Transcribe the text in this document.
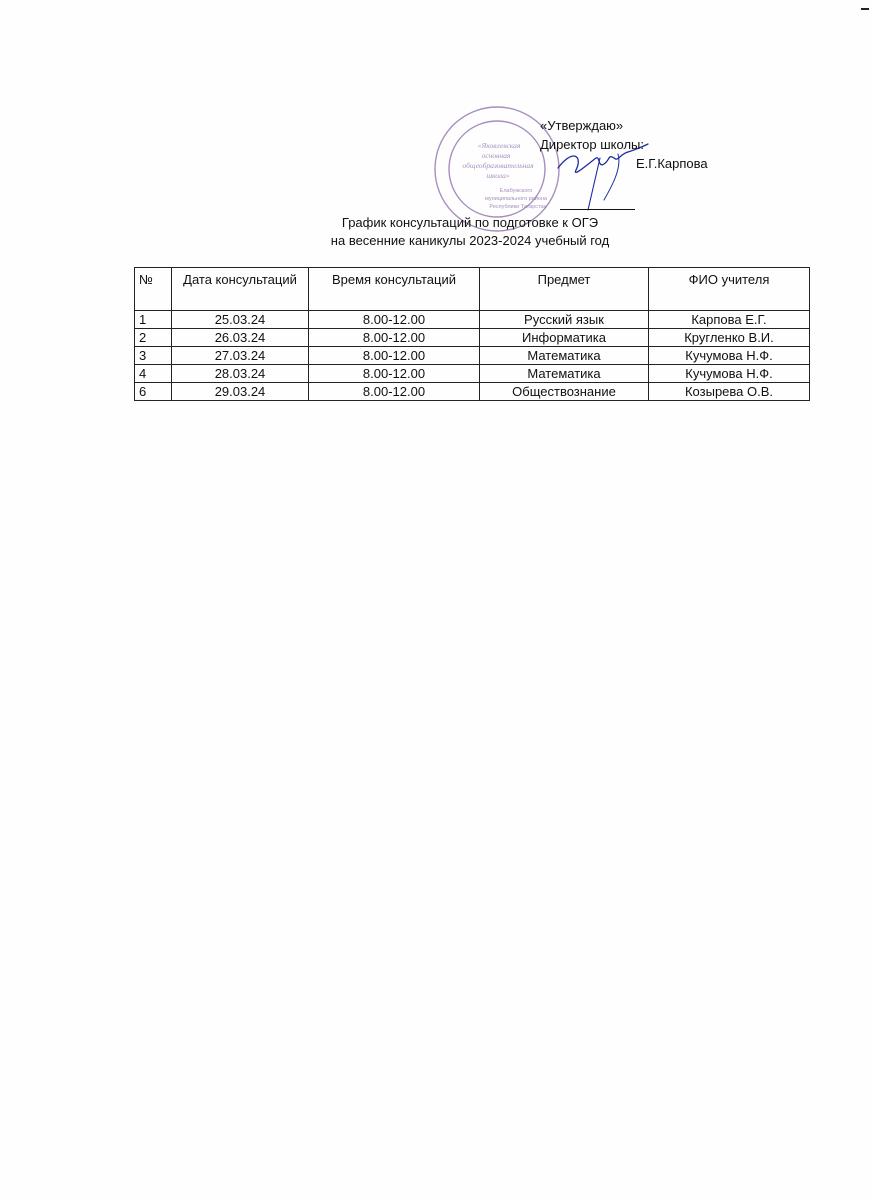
«Яковлевская
основная
общеобразовательная
школа»
Елабужского
муниципального района
Республики Татарстан
«Утверждаю»
Директор школы:
Е.Г.Карпова
График консультаций по подготовке к ОГЭ
на весенние каникулы 2023-2024 учебный год
№	Дата консультаций	Время консультаций	Предмет	ФИО учителя
1	25.03.24	8.00-12.00	Русский язык	Карпова Е.Г.
2	26.03.24	8.00-12.00	Информатика	Кругленко В.И.
3	27.03.24	8.00-12.00	Математика	Кучумова Н.Ф.
4	28.03.24	8.00-12.00	Математика	Кучумова Н.Ф.
6	29.03.24	8.00-12.00	Обществознание	Козырева О.В.
